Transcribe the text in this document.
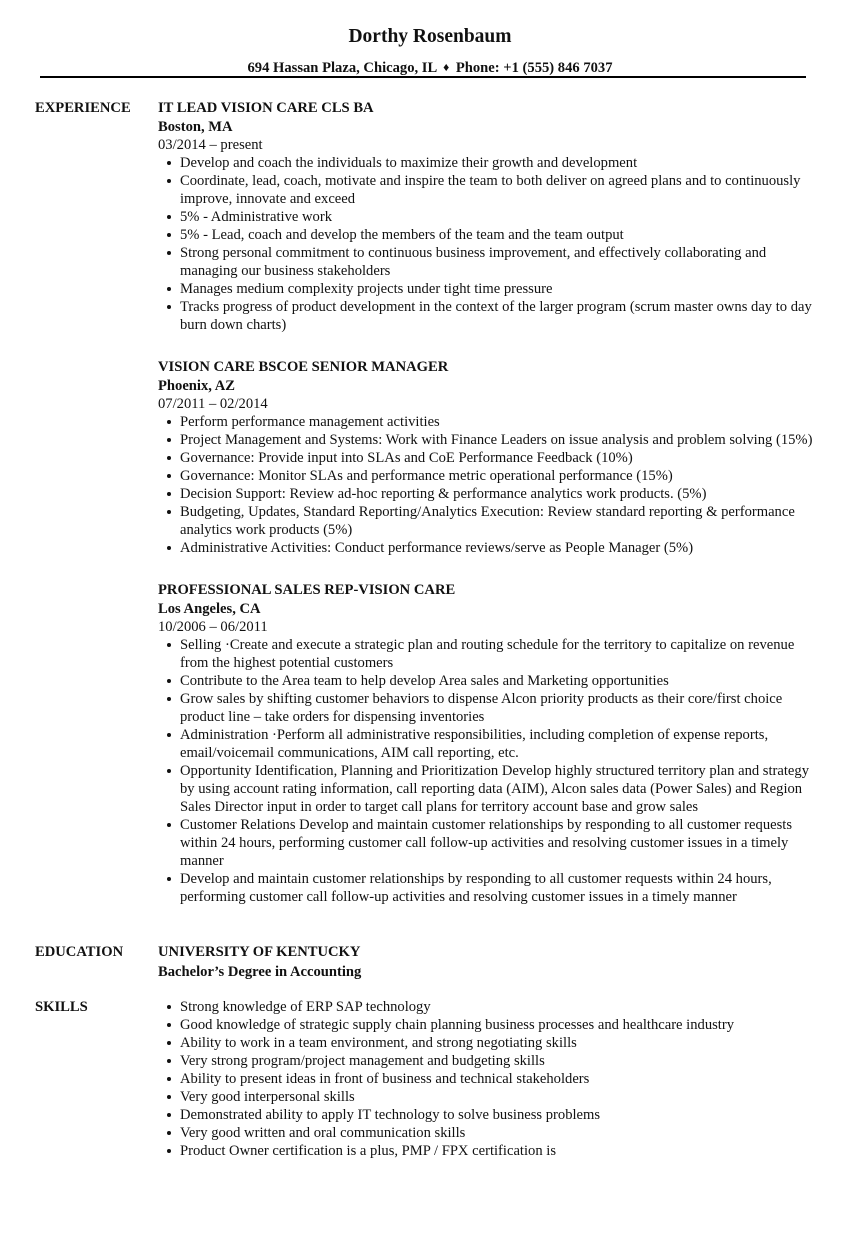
Dorthy Rosenbaum
694 Hassan Plaza, Chicago, IL ♦ Phone: +1 (555) 846 7037
EXPERIENCE IT LEAD VISION CARE CLS BA
Boston, MA
03/2014 – present
Develop and coach the individuals to maximize their growth and development
Coordinate, lead, coach, motivate and inspire the team to both deliver on agreed plans and to continuously improve, innovate and exceed
5% - Administrative work
5% - Lead, coach and develop the members of the team and the team output
Strong personal commitment to continuous business improvement, and effectively collaborating and managing our business stakeholders
Manages medium complexity projects under tight time pressure
Tracks progress of product development in the context of the larger program (scrum master owns day to day burn down charts)
VISION CARE BSCOE SENIOR MANAGER
Phoenix, AZ
07/2011 – 02/2014
Perform performance management activities
Project Management and Systems: Work with Finance Leaders on issue analysis and problem solving (15%)
Governance: Provide input into SLAs and CoE Performance Feedback (10%)
Governance: Monitor SLAs and performance metric operational performance (15%)
Decision Support: Review ad-hoc reporting & performance analytics work products. (5%)
Budgeting, Updates, Standard Reporting/Analytics Execution: Review standard reporting & performance analytics work products (5%)
Administrative Activities: Conduct performance reviews/serve as People Manager (5%)
PROFESSIONAL SALES REP-VISION CARE
Los Angeles, CA
10/2006 – 06/2011
Selling ·Create and execute a strategic plan and routing schedule for the territory to capitalize on revenue from the highest potential customers
Contribute to the Area team to help develop Area sales and Marketing opportunities
Grow sales by shifting customer behaviors to dispense Alcon priority products as their core/first choice product line – take orders for dispensing inventories
Administration ·Perform all administrative responsibilities, including completion of expense reports, email/voicemail communications, AIM call reporting, etc.
Opportunity Identification, Planning and Prioritization Develop highly structured territory plan and strategy by using account rating information, call reporting data (AIM), Alcon sales data (Power Sales) and Region Sales Director input in order to target call plans for territory account base and grow sales
Customer Relations Develop and maintain customer relationships by responding to all customer requests within 24 hours, performing customer call follow-up activities and resolving customer issues in a timely manner
Develop and maintain customer relationships by responding to all customer requests within 24 hours, performing customer call follow-up activities and resolving customer issues in a timely manner
EDUCATION UNIVERSITY OF KENTUCKY
Bachelor’s Degree in Accounting
SKILLS	Strong knowledge of ERP SAP technology
Good knowledge of strategic supply chain planning business processes and healthcare industry
Ability to work in a team environment, and strong negotiating skills
Very strong program/project management and budgeting skills
Ability to present ideas in front of business and technical stakeholders
Very good interpersonal skills
Demonstrated ability to apply IT technology to solve business problems
Very good written and oral communication skills
Product Owner certification is a plus, PMP / FPX certification is
